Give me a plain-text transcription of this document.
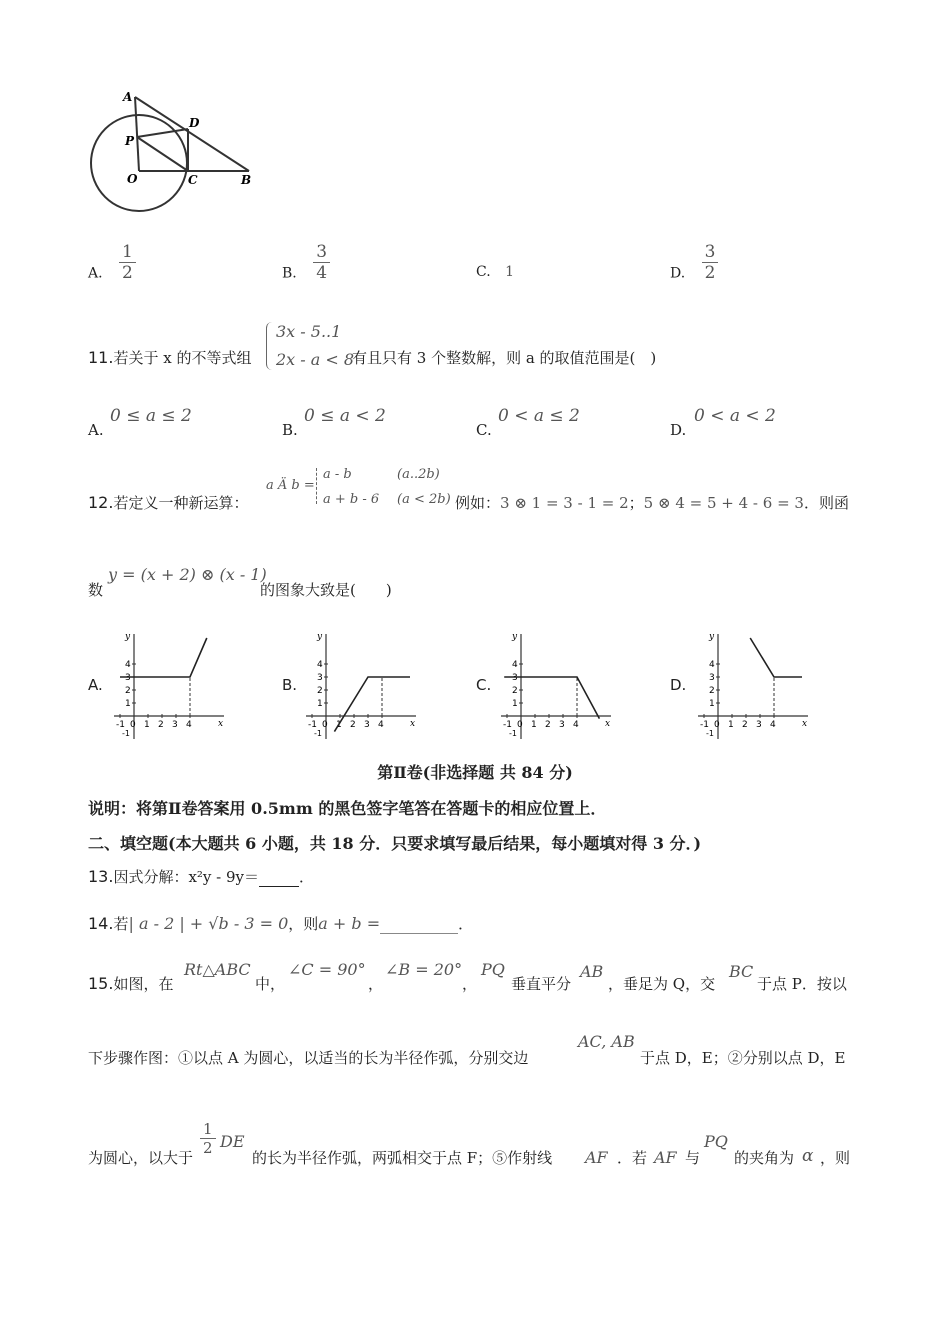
A
P
D
O	C	B
A. $\frac{1}{2}$	B. $\frac{3}{4}$	C. 1	D. $\frac{3}{2}$
11.若关于 x 的不等式组
3x - 5..1
2x - a < 8
有且只有 3 个整数解，则 a 的取值范围是(　)
A.
0 ≤ a ≤ 2
B.
0 ≤ a < 2
C.
0 < a ≤ 2
D.
0 < a < 2
12.若定义一种新运算：
a Ä b =
a - b	(a..2b)
a + b - 6 (a < 2b) 例如：3 ⊗ 1 = 3 - 1 = 2；5 ⊗ 4 = 5 + 4 - 6 = 3．则函
数
y = (x + 2) ⊗ (x - 1)
的图象大致是(　　)
A.	B.	C.	D.
y
x
4
3
2
1
-1 0 1 2 3 4
-1
y
x
4
3
2
1
-1 0 1 2 3 4
-1
y
x
4
3
2
1
-1 0 1 2 3 4
-1
y
x
4
3
2
1
-1 0 1 2 3 4
-1
第Ⅱ卷(非选择题 共 84 分)
说明：将第Ⅱ卷答案用 0.5mm 的黑色签字笔答在答题卡的相应位置上．
二、填空题(本大题共 6 小题，共 18 分．只要求填写最后结果，每小题填对得 3 分．)
13.因式分解：x²y - 9y＝	．
14.若| a - 2 | + √b - 3 = 0，则a + b =	．
15.如图，在
Rt△ABC
中，
∠C = 90°
，
∠B = 20°
，
PQ
垂直平分
AB
，垂足为 Q，交
BC
于点 P．按以
下步骤作图：①以点 A 为圆心，以适当的长为半径作弧，分别交边
AC, AB
于点 D，E；②分别以点 D，E
为圆心，以大于
$\frac{1}{2}$ DE
的长为半径作弧，两弧相交于点 F；⑤作射线 AF ．若 AF 与
PQ
的夹角为 α ，则
